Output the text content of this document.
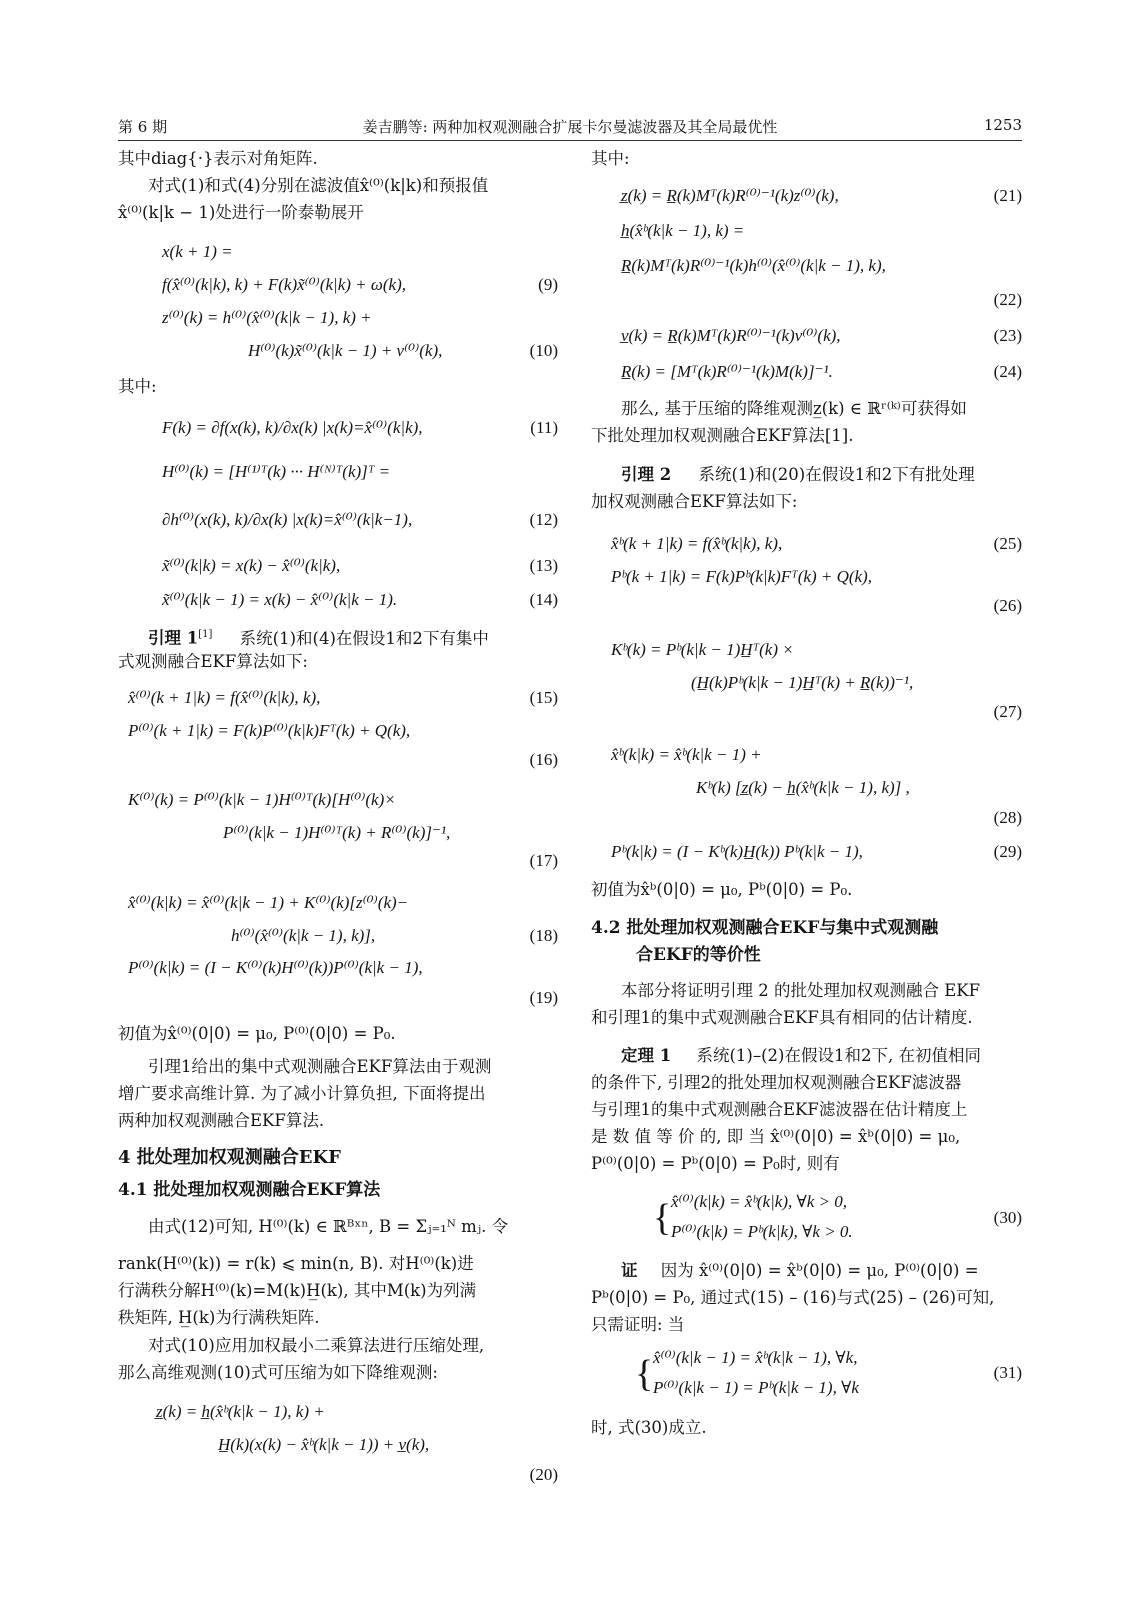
第 6 期	姜吉鹏等: 两种加权观测融合扩展卡尔曼滤波器及其全局最优性	1253
其中diag{·}表示对角矩阵.
对式(1)和式(4)分别在滤波值x̂⁽⁰⁾(k|k)和预报值
x̂⁽⁰⁾(k|k − 1)处进行一阶泰勒展开
x(k + 1) =
f(x̂⁽⁰⁾(k|k), k) + F(k)x̃⁽⁰⁾(k|k) + ω(k),	(9)
z⁽⁰⁾(k) = h⁽⁰⁾(x̂⁽⁰⁾(k|k − 1), k) +
H⁽⁰⁾(k)x̃⁽⁰⁾(k|k − 1) + v⁽⁰⁾(k),	(10)
其中:
F(k) = ∂f(x(k), k)/∂x(k) |x(k)=x̂⁽⁰⁾(k|k),	(11)
H⁽⁰⁾(k) = [H⁽¹⁾ᵀ(k) ··· H⁽ᴺ⁾ᵀ(k)]ᵀ =
∂h⁽⁰⁾(x(k), k)/∂x(k) |x(k)=x̂⁽⁰⁾(k|k−1),	(12)
x̃⁽⁰⁾(k|k) = x(k) − x̂⁽⁰⁾(k|k),	(13)
x̃⁽⁰⁾(k|k − 1) = x(k) − x̂⁽⁰⁾(k|k − 1).	(14)
引理 1[1] 系统(1)和(4)在假设1和2下有集中
式观测融合EKF算法如下:
x̂⁽⁰⁾(k + 1|k) = f(x̂⁽⁰⁾(k|k), k),	(15)
P⁽⁰⁾(k + 1|k) = F(k)P⁽⁰⁾(k|k)Fᵀ(k) + Q(k),
(16)
K⁽⁰⁾(k) = P⁽⁰⁾(k|k − 1)H⁽⁰⁾ᵀ(k)[H⁽⁰⁾(k)×
P⁽⁰⁾(k|k − 1)H⁽⁰⁾ᵀ(k) + R⁽⁰⁾(k)]⁻¹,
(17)
x̂⁽⁰⁾(k|k) = x̂⁽⁰⁾(k|k − 1) + K⁽⁰⁾(k)[z⁽⁰⁾(k)−
h⁽⁰⁾(x̂⁽⁰⁾(k|k − 1), k)],	(18)
P⁽⁰⁾(k|k) = (I − K⁽⁰⁾(k)H⁽⁰⁾(k))P⁽⁰⁾(k|k − 1),
(19)
初值为x̂⁽⁰⁾(0|0) = μ₀, P⁽⁰⁾(0|0) = P₀.
引理1给出的集中式观测融合EKF算法由于观测
增广要求高维计算. 为了减小计算负担, 下面将提出
两种加权观测融合EKF算法.
4 批处理加权观测融合EKF
4.1 批处理加权观测融合EKF算法
由式(12)可知, H⁽⁰⁾(k) ∈ ℝᴮˣⁿ, B = Σⱼ₌₁ᴺ mⱼ. 令
rank(H⁽⁰⁾(k)) = r(k) ⩽ min(n, B). 对H⁽⁰⁾(k)进
行满秩分解H⁽⁰⁾(k)=M(k)H̲(k), 其中M(k)为列满
秩矩阵, H̲(k)为行满秩矩阵.
对式(10)应用加权最小二乘算法进行压缩处理,
那么高维观测(10)式可压缩为如下降维观测:
z̲(k) = h̲(x̂ᵇ(k|k − 1), k) +
H̲(k)(x(k) − x̂ᵇ(k|k − 1)) + v̲(k),
(20)
其中:
z̲(k) = R̲(k)Mᵀ(k)R⁽⁰⁾⁻¹(k)z⁽⁰⁾(k),	(21)
h̲(x̂ᵇ(k|k − 1), k) =
R̲(k)Mᵀ(k)R⁽⁰⁾⁻¹(k)h⁽⁰⁾(x̂⁽⁰⁾(k|k − 1), k),
(22)
v̲(k) = R̲(k)Mᵀ(k)R⁽⁰⁾⁻¹(k)v⁽⁰⁾(k),	(23)
R̲(k) = [Mᵀ(k)R⁽⁰⁾⁻¹(k)M(k)]⁻¹.	(24)
那么, 基于压缩的降维观测z̲(k) ∈ ℝʳ⁽ᵏ⁾可获得如
下批处理加权观测融合EKF算法[1].
引理 2 系统(1)和(20)在假设1和2下有批处理
加权观测融合EKF算法如下:
x̂ᵇ(k + 1|k) = f(x̂ᵇ(k|k), k),	(25)
Pᵇ(k + 1|k) = F(k)Pᵇ(k|k)Fᵀ(k) + Q(k),
(26)
Kᵇ(k) = Pᵇ(k|k − 1)H̲ᵀ(k) ×
(H̲(k)Pᵇ(k|k − 1)H̲ᵀ(k) + R̲(k))⁻¹,
(27)
x̂ᵇ(k|k) = x̂ᵇ(k|k − 1) +
Kᵇ(k) [z̲(k) − h̲(x̂ᵇ(k|k − 1), k)] ,
(28)
Pᵇ(k|k) = (I − Kᵇ(k)H̲(k)) Pᵇ(k|k − 1),	(29)
初值为x̂ᵇ(0|0) = μ₀, Pᵇ(0|0) = P₀.
4.2 批处理加权观测融合EKF与集中式观测融
合EKF的等价性
本部分将证明引理 2 的批处理加权观测融合 EKF
和引理1的集中式观测融合EKF具有相同的估计精度.
定理 1 系统(1)–(2)在假设1和2下, 在初值相同
的条件下, 引理2的批处理加权观测融合EKF滤波器
与引理1的集中式观测融合EKF滤波器在估计精度上
是 数 值 等 价 的, 即 当 x̂⁽⁰⁾(0|0) = x̂ᵇ(0|0) = μ₀,
P⁽⁰⁾(0|0) = Pᵇ(0|0) = P₀时, 则有
{ x̂⁽⁰⁾(k|k) = x̂ᵇ(k|k), ∀k > 0,
P⁽⁰⁾(k|k) = Pᵇ(k|k), ∀k > 0.
(30)
证 因为 x̂⁽⁰⁾(0|0) = x̂ᵇ(0|0) = μ₀, P⁽⁰⁾(0|0) =
Pᵇ(0|0) = P₀, 通过式(15) – (16)与式(25) – (26)可知,
只需证明: 当
{ x̂⁽⁰⁾(k|k − 1) = x̂ᵇ(k|k − 1), ∀k,
P⁽⁰⁾(k|k − 1) = Pᵇ(k|k − 1), ∀k
(31)
时, 式(30)成立.
